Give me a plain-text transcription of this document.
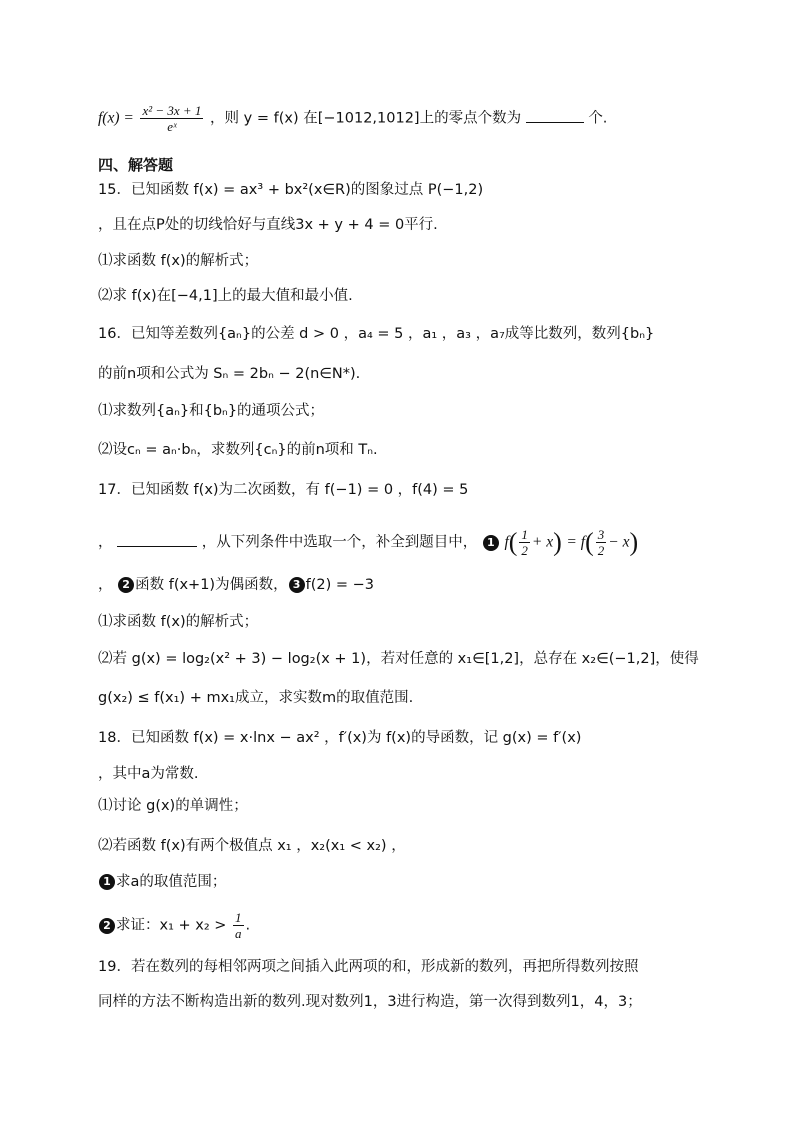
$f(x) = \frac{\text{x² − 3x + 1}}{\text{eˣ}}$ ，则 y = f(x) 在[−1012,1012]上的零点个数为	个.
四、解答题
15．已知函数 f(x) = ax³ + bx²(x∈R)的图象过点 P(−1,2)
，且在点P处的切线恰好与直线3x + y + 4 = 0平行.
⑴求函数 f(x)的解析式；
⑵求 f(x)在[−4,1]上的最大值和最小值.
16．已知等差数列{aₙ}的公差 d > 0 ，a₄ = 5 ，a₁ ，a₃ ，a₇成等比数列，数列{bₙ}
的前n项和公式为 Sₙ = 2bₙ − 2(n∈N*).
⑴求数列{aₙ}和{bₙ}的通项公式；
⑵设cₙ = aₙ·bₙ，求数列{cₙ}的前n项和 Tₙ.
17．已知函数 f(x)为二次函数，有 f(−1) = 0 ，f(4) = 5
，	，从下列条件中选取一个，补全到题目中， 1 $f( \frac{1}{2} + x) = f( \frac{3}{2} - x)$
， 2 函数 f(x+1)为偶函数， 3 f(2) = −3
⑴求函数 f(x)的解析式；
⑵若 g(x) = log₂(x² + 3) − log₂(x + 1)，若对任意的 x₁∈[1,2]，总存在 x₂∈(−1,2]，使得
g(x₂) ≤ f(x₁) + mx₁成立，求实数m的取值范围.
18．已知函数 f(x) = x·lnx − ax² ，f′(x)为 f(x)的导函数，记 g(x) = f′(x)
，其中a为常数.
⑴讨论 g(x)的单调性；
⑵若函数 f(x)有两个极值点 x₁ ，x₂(x₁ < x₂) ，
1 求a的取值范围；
2 求证：$x_1 + x_2 > \frac{1}{a}$ .
19．若在数列的每相邻两项之间插入此两项的和，形成新的数列，再把所得数列按照
同样的方法不断构造出新的数列.现对数列1，3进行构造，第一次得到数列1，4，3；
